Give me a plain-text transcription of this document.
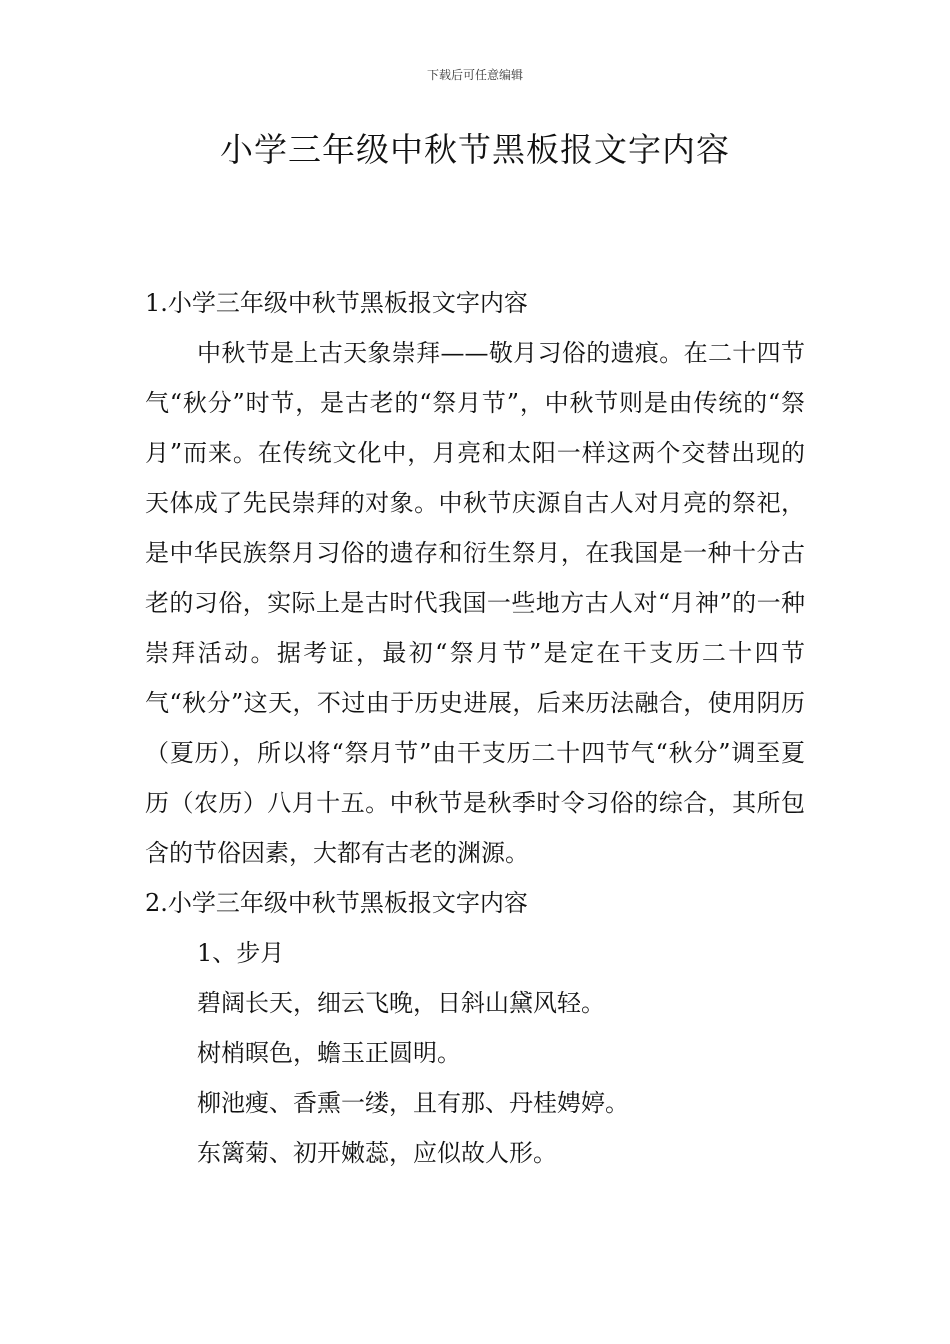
下载后可任意编辑
小学三年级中秋节黑板报文字内容
1.小学三年级中秋节黑板报文字内容

中秋节是上古天象崇拜——敬月习俗的遗痕。在二十四节气“秋分”时节，是古老的“祭月节”，中秋节则是由传统的“祭月”而来。在传统文化中，月亮和太阳一样这两个交替出现的天体成了先民崇拜的对象。中秋节庆源自古人对月亮的祭祀，是中华民族祭月习俗的遗存和衍生祭月，在我国是一种十分古老的习俗，实际上是古时代我国一些地方古人对“月神”的一种崇拜活动。据考证，最初“祭月节”是定在干支历二十四节气“秋分”这天，不过由于历史进展，后来历法融合，使用阴历（夏历），所以将“祭月节”由干支历二十四节气“秋分”调至夏历（农历）八月十五。中秋节是秋季时令习俗的综合，其所包含的节俗因素，大都有古老的渊源。

2.小学三年级中秋节黑板报文字内容

1、步月

碧阔长天，细云飞晚，日斜山黛风轻。

树梢暝色，蟾玉正圆明。

柳池瘦、香熏一缕，且有那、丹桂娉婷。

东篱菊、初开嫩蕊，应似故人形。
